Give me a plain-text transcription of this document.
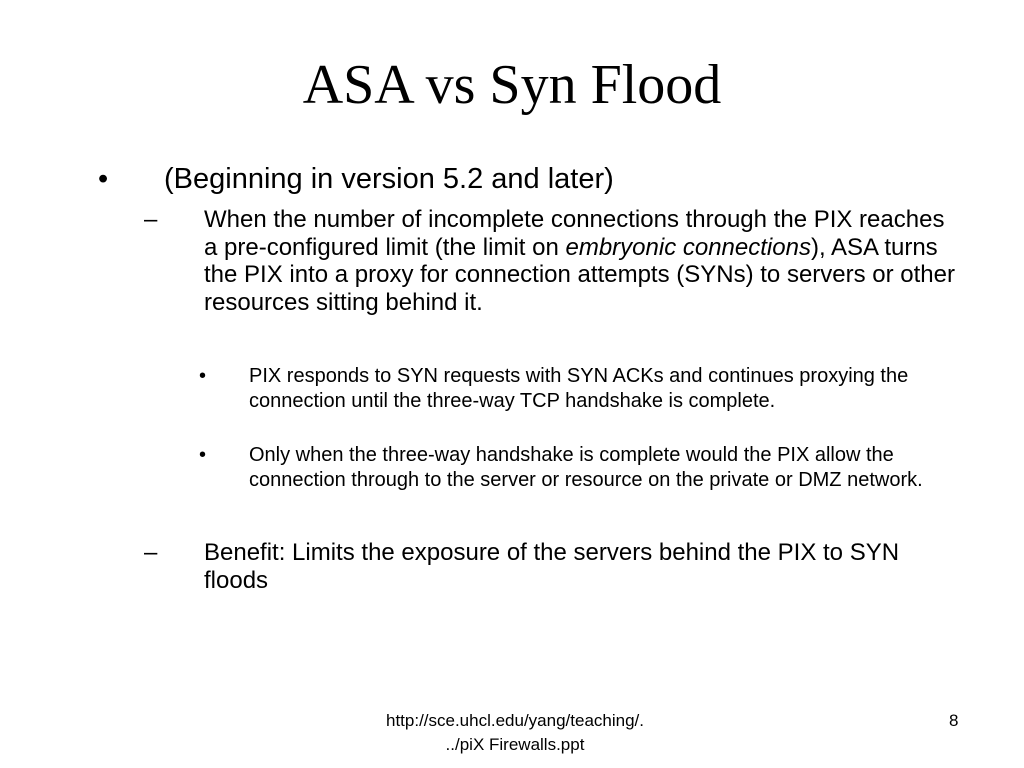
ASA vs Syn Flood
• (Beginning in version 5.2 and later)
– When the number of incomplete connections through the PIX reaches a pre-configured limit (the limit on embryonic connections), ASA turns the PIX into a proxy for connection attempts (SYNs) to servers or other resources sitting behind it.
• PIX responds to SYN requests with SYN ACKs and continues proxying the connection until the three-way TCP handshake is complete.
• Only when the three-way handshake is complete would the PIX allow the connection through to the server or resource on the private or DMZ network.
– Benefit: Limits the exposure of the servers behind the PIX to SYN floods
http://sce.uhcl.edu/yang/teaching/.
../piX Firewalls.ppt
8
